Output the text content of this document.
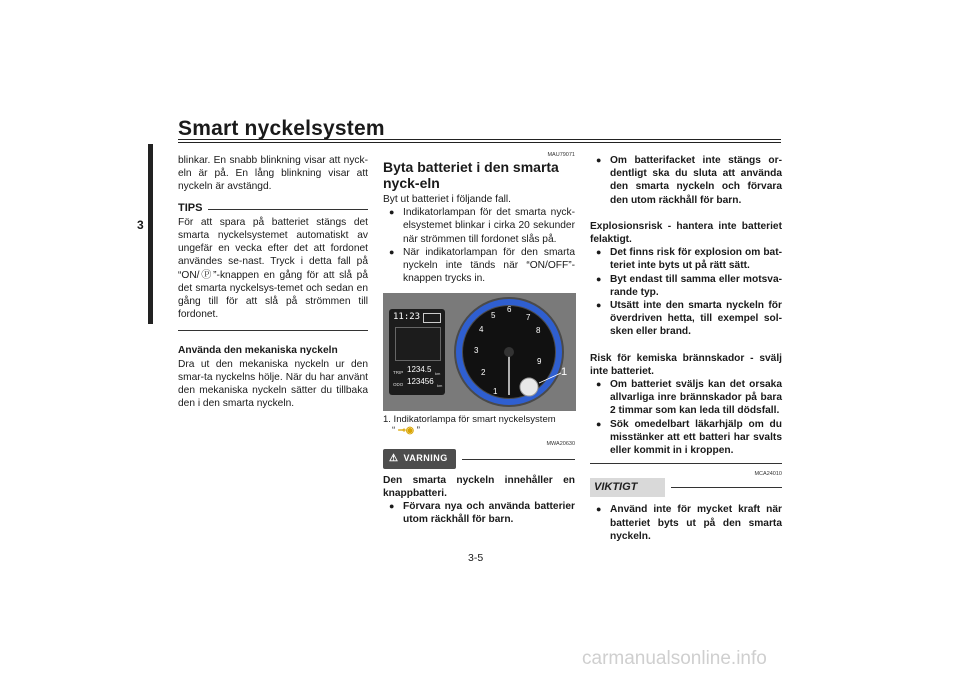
Smart nyckelsystem
3

blinkar. En snabb blinkning visar att nyck-eln är på. En lång blinkning visar att nyckeln är avstängd.

TIPS

För att spara på batteriet stängs det smarta nyckelsystemet automatiskt av ungefär en vecka efter det att fordonet användes se-nast. Tryck i detta fall på “ON/Ⓟ”-knappen en gång för att slå på det smarta nyckelsys-temet och sedan en gång till för att slå på strömmen till fordonet.

Använda den mekaniska nyckeln

Dra ut den mekaniska nyckeln ur den smar-ta nyckelns hölje. När du har använt den mekaniska nyckeln sätter du tillbaka den i den smarta nyckeln.

MAU79071

Byta batteriet i den smarta nyck-eln

Byt ut batteriet i följande fall.

● Indikatorlampan för det smarta nyck-elsystemet blinkar i cirka 20 sekunder när strömmen till fordonet slås på.
● När indikatorlampan för den smarta nyckeln inte tänds när “ON/OFF”-knappen trycks in.
11:23
TRIP 1234.5 km
ODO 123456 km
1
2
3
4
5
6
7
8
9
1

1. Indikatorlampa för smart nyckelsystem

“ ⊸◉ ”

MWA20630
⚠ VARNING

Den smarta nyckeln innehåller en knappbatteri.

● Förvara nya och använda batterier utom räckhåll för barn.
● Om batterifacket inte stängs or-dentligt ska du sluta att använda den smarta nyckeln och förvara den utom räckhåll för barn.

Explosionsrisk - hantera inte batteriet felaktigt.

● Det finns risk för explosion om bat-teriet inte byts ut på rätt sätt.
● Byt endast till samma eller motsva-rande typ.
● Utsätt inte den smarta nyckeln för överdriven hetta, till exempel sol-sken eller brand.

Risk för kemiska brännskador - svälj inte batteriet.

● Om batteriet sväljs kan det orsaka allvarliga inre brännskador på bara 2 timmar som kan leda till dödsfall.
● Sök omedelbart läkarhjälp om du misstänker att ett batteri har svalts eller kommit in i kroppen.
MCA24010
VIKTIGT
● Använd inte för mycket kraft när batteriet byts ut på den smarta nyckeln.
3-5
carmanualsonline.info
